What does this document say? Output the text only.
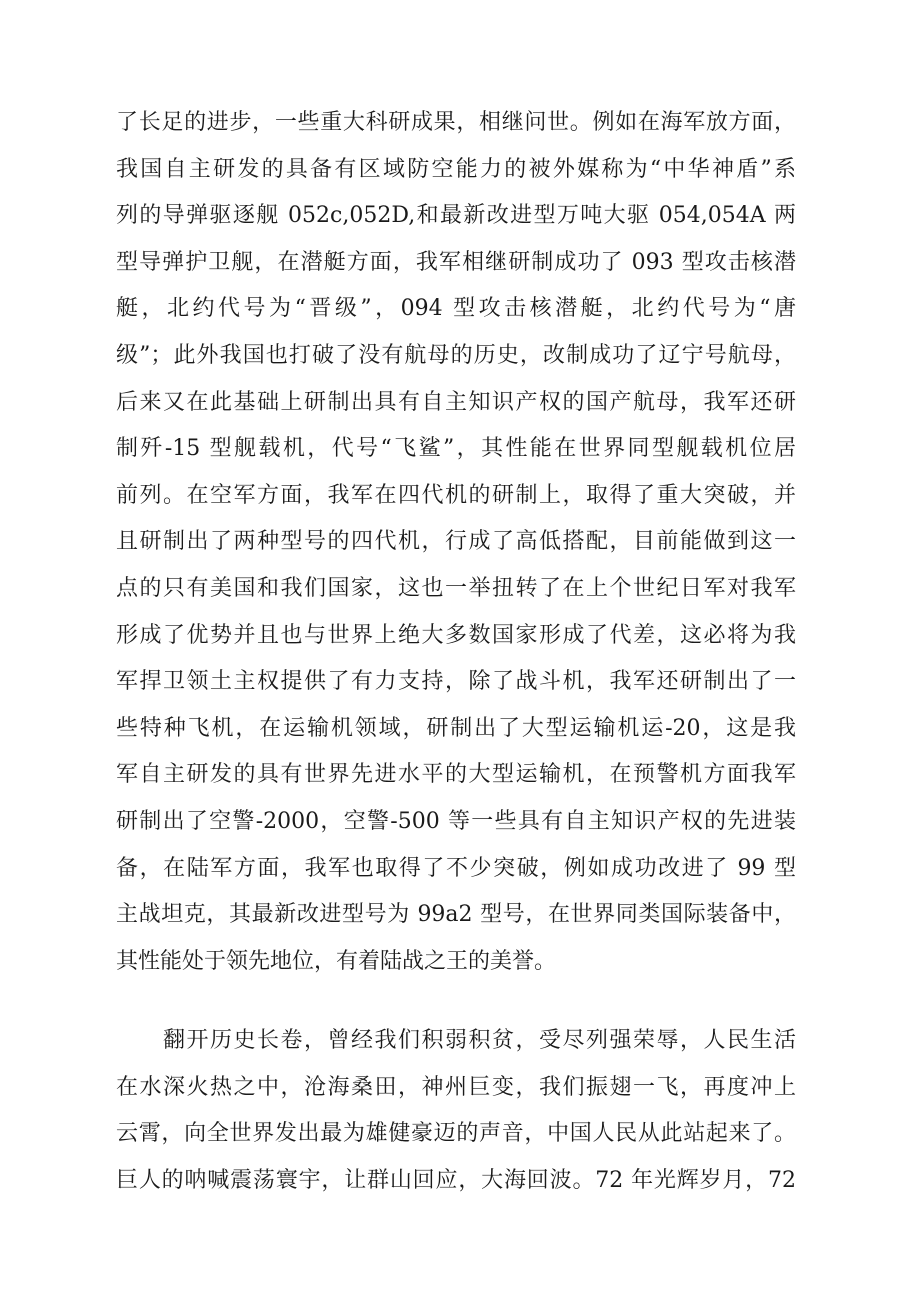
了长足的进步，一些重大科研成果，相继问世。例如在海军放方面，
我国自主研发的具备有区域防空能力的被外媒称为“中华神盾”系
列的导弹驱逐舰 052c,052D,和最新改进型万吨大驱 054,054A 两
型导弹护卫舰，在潜艇方面，我军相继研制成功了 093 型攻击核潜
艇，北约代号为“晋级”，094 型攻击核潜艇，北约代号为“唐
级”；此外我国也打破了没有航母的历史，改制成功了辽宁号航母，
后来又在此基础上研制出具有自主知识产权的国产航母，我军还研
制歼-15 型舰载机，代号“飞鲨”，其性能在世界同型舰载机位居
前列。在空军方面，我军在四代机的研制上，取得了重大突破，并
且研制出了两种型号的四代机，行成了高低搭配，目前能做到这一
点的只有美国和我们国家，这也一举扭转了在上个世纪日军对我军
形成了优势并且也与世界上绝大多数国家形成了代差，这必将为我
军捍卫领土主权提供了有力支持，除了战斗机，我军还研制出了一
些特种飞机，在运输机领域，研制出了大型运输机运-20，这是我
军自主研发的具有世界先进水平的大型运输机，在预警机方面我军
研制出了空警-2000，空警-500 等一些具有自主知识产权的先进装
备，在陆军方面，我军也取得了不少突破，例如成功改进了 99 型
主战坦克，其最新改进型号为 99a2 型号，在世界同类国际装备中，
其性能处于领先地位，有着陆战之王的美誉。
　　翻开历史长卷，曾经我们积弱积贫，受尽列强荣辱，人民生活
在水深火热之中，沧海桑田，神州巨变，我们振翅一飞，再度冲上
云霄，向全世界发出最为雄健豪迈的声音，中国人民从此站起来了。
巨人的呐喊震荡寰宇，让群山回应，大海回波。72 年光辉岁月，72
